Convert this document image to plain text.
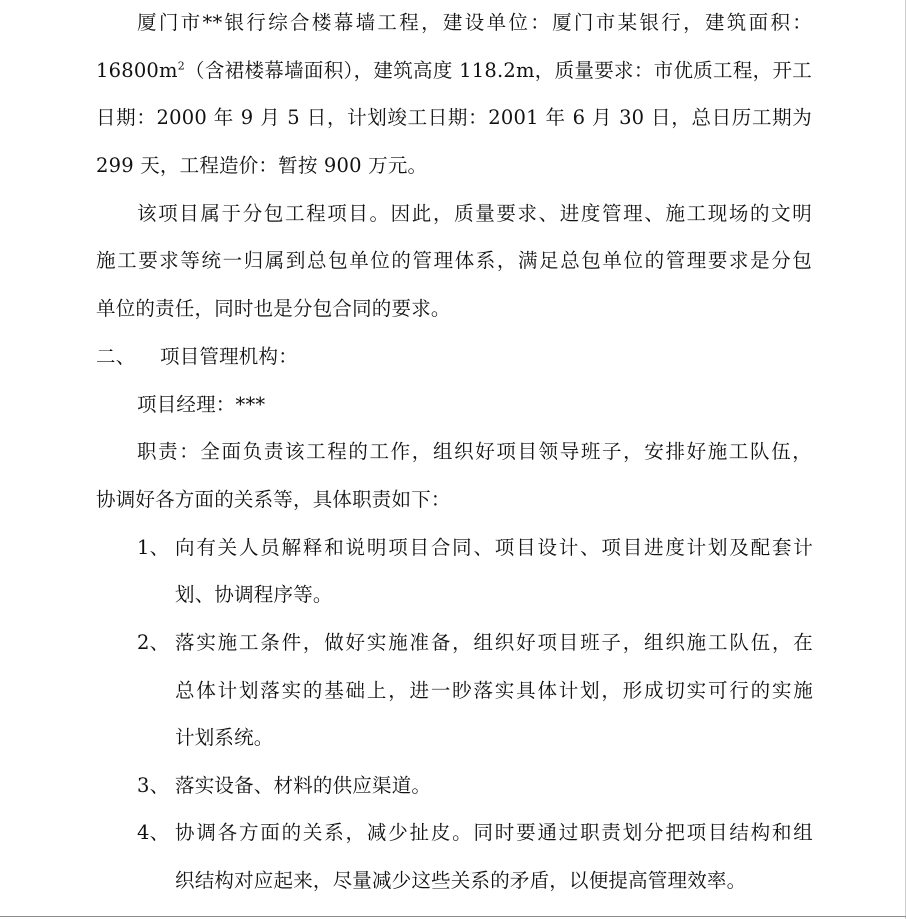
厦门市**银行综合楼幕墙工程，建设单位：厦门市某银行，建筑面积：
$16800m^2$（含裙楼幕墙面积），建筑高度 118.2m，质量要求：市优质工程，开工
日期：2000 年 9 月 5 日，计划竣工日期：2001 年 6 月 30 日，总日历工期为
299 天，工程造价：暂按 900 万元。
该项目属于分包工程项目。因此，质量要求、进度管理、施工现场的文明
施工要求等统一归属到总包单位的管理体系，满足总包单位的管理要求是分包
单位的责任，同时也是分包合同的要求。
二、 项目管理机构：
项目经理：***
职责：全面负责该工程的工作，组织好项目领导班子，安排好施工队伍，
协调好各方面的关系等，具体职责如下：
1、 向有关人员解释和说明项目合同、项目设计、项目进度计划及配套计
划、协调程序等。
2、 落实施工条件，做好实施准备，组织好项目班子，组织施工队伍，在
总体计划落实的基础上，进一眇落实具体计划，形成切实可行的实施
计划系统。
3、 落实设备、材料的供应渠道。
4、 协调各方面的关系，减少扯皮。同时要通过职责划分把项目结构和组
织结构对应起来，尽量减少这些关系的矛盾，以便提高管理效率。
